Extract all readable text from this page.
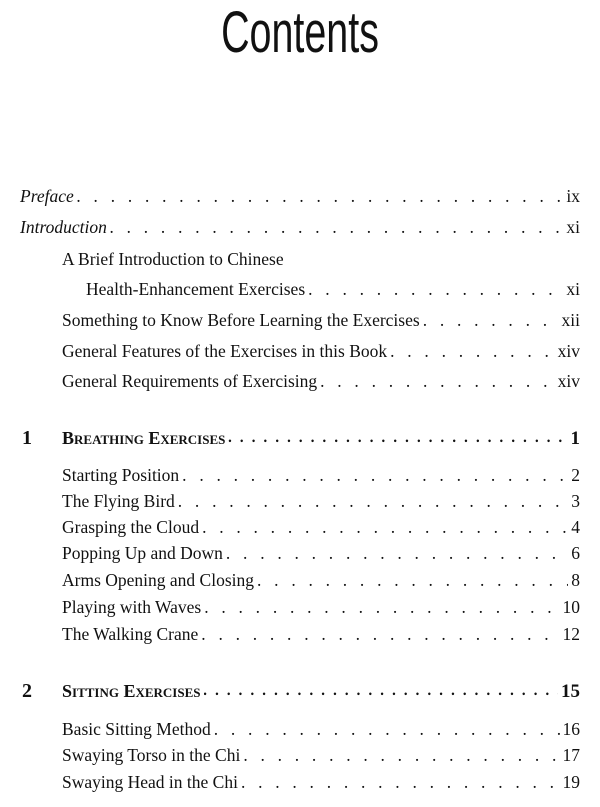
Contents
Preface . . .	ix
Introduction . . .	xi
A Brief Introduction to Chinese
Health-Enhancement Exercises . . .	xi
Something to Know Before Learning the Exercises . . .	xii
General Features of the Exercises in this Book . . .	xiv
General Requirements of Exercising . . .	xiv
1 Breathing Exercises • • •	1
Starting Position . . .	2
The Flying Bird . . .	3
Grasping the Cloud . . .	4
Popping Up and Down . . .	6
Arms Opening and Closing . . .	8
Playing with Waves . . .	10
The Walking Crane . . .	12
2 Sitting Exercises • • •	15
Basic Sitting Method . . .	16
Swaying Torso in the Chi . . .	17
Swaying Head in the Chi . . .	19
